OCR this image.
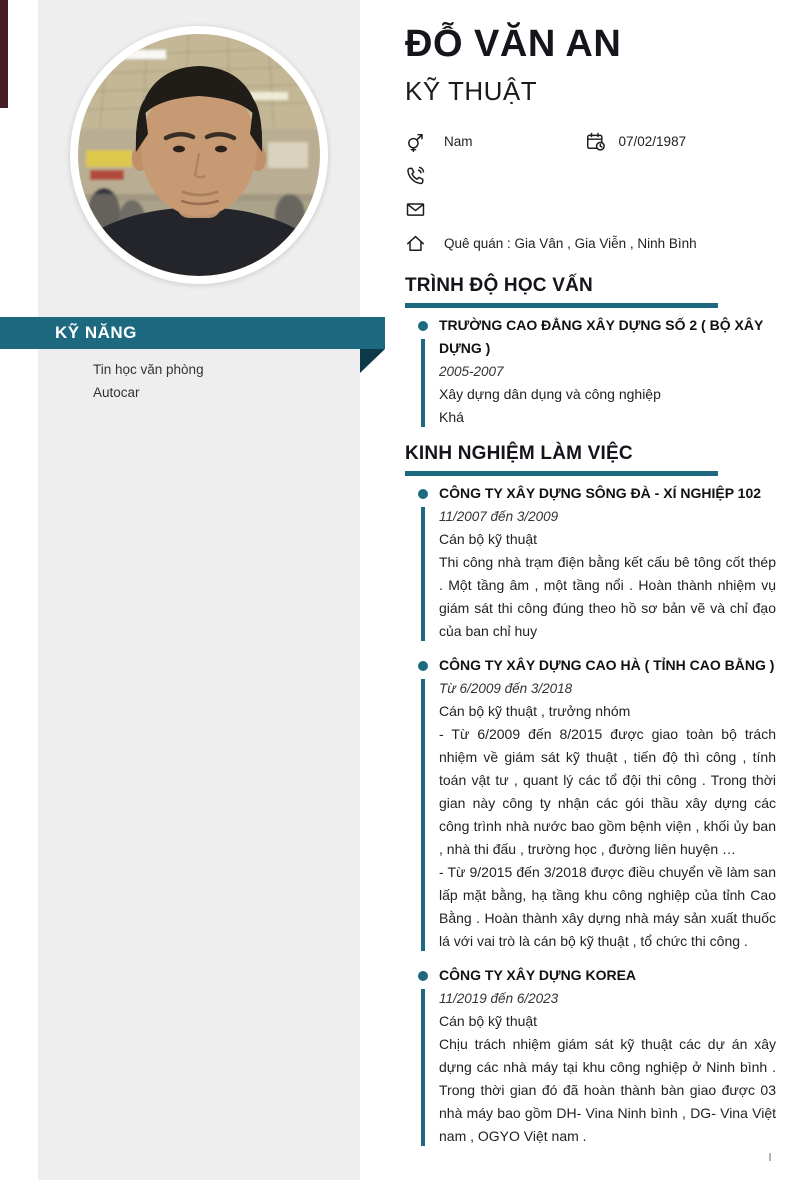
Tin học văn phòng
Autocar
KỸ NĂNG
ĐỖ VĂN AN
KỸ THUẬT
Nam	07/02/1987
Quê quán : Gia Vân , Gia Viễn , Ninh Bình
TRÌNH ĐỘ HỌC VẤN
TRƯỜNG CAO ĐẲNG XÂY DỰNG SỐ 2 ( BỘ XÂY DỰNG )
2005-2007
Xây dựng dân dụng và công nghiệp
Khá
KINH NGHIỆM LÀM VIỆC
CÔNG TY XÂY DỰNG SÔNG ĐÀ - XÍ NGHIỆP 102
11/2007 đến 3/2009
Cán bộ kỹ thuật

Thi công nhà trạm điện bằng kết cấu bê tông cốt thép . Một tầng âm , một tầng nổi . Hoàn thành nhiệm vụ giám sát thi công đúng theo hồ sơ bản vẽ và chỉ đạo của ban chỉ huy

CÔNG TY XÂY DỰNG CAO HÀ ( TỈNH CAO BẰNG )
Từ 6/2009 đến 3/2018
Cán bộ kỹ thuật , trưởng nhóm

- Từ 6/2009 đến 8/2015 được giao toàn bộ trách nhiệm về giám sát kỹ thuật , tiến độ thì công , tính toán vật tư , quant lý các tổ đội thi công . Trong thời gian này công ty nhận các gói thầu xây dựng các công trình nhà nước bao gồm bệnh viện , khối ủy ban , nhà thi đấu , trường học , đường liên huyện …

- Từ 9/2015 đến 3/2018 được điều chuyển về làm san lấp mặt bằng, hạ tầng khu công nghiệp của tỉnh Cao Bằng . Hoàn thành xây dựng nhà máy sản xuất thuốc lá với vai trò là cán bộ kỹ thuật , tổ chức thi công .

CÔNG TY XÂY DỰNG KOREA
11/2019 đến 6/2023
Cán bộ kỹ thuật

Chịu trách nhiệm giám sát kỹ thuật các dự án xây dựng các nhà máy tại khu công nghiệp ở Ninh bình . Trong thời gian đó đã hoàn thành bàn giao được 03 nhà máy bao gồm DH- Vina Ninh bình , DG- Vina Việt nam , OGYO Việt nam .
